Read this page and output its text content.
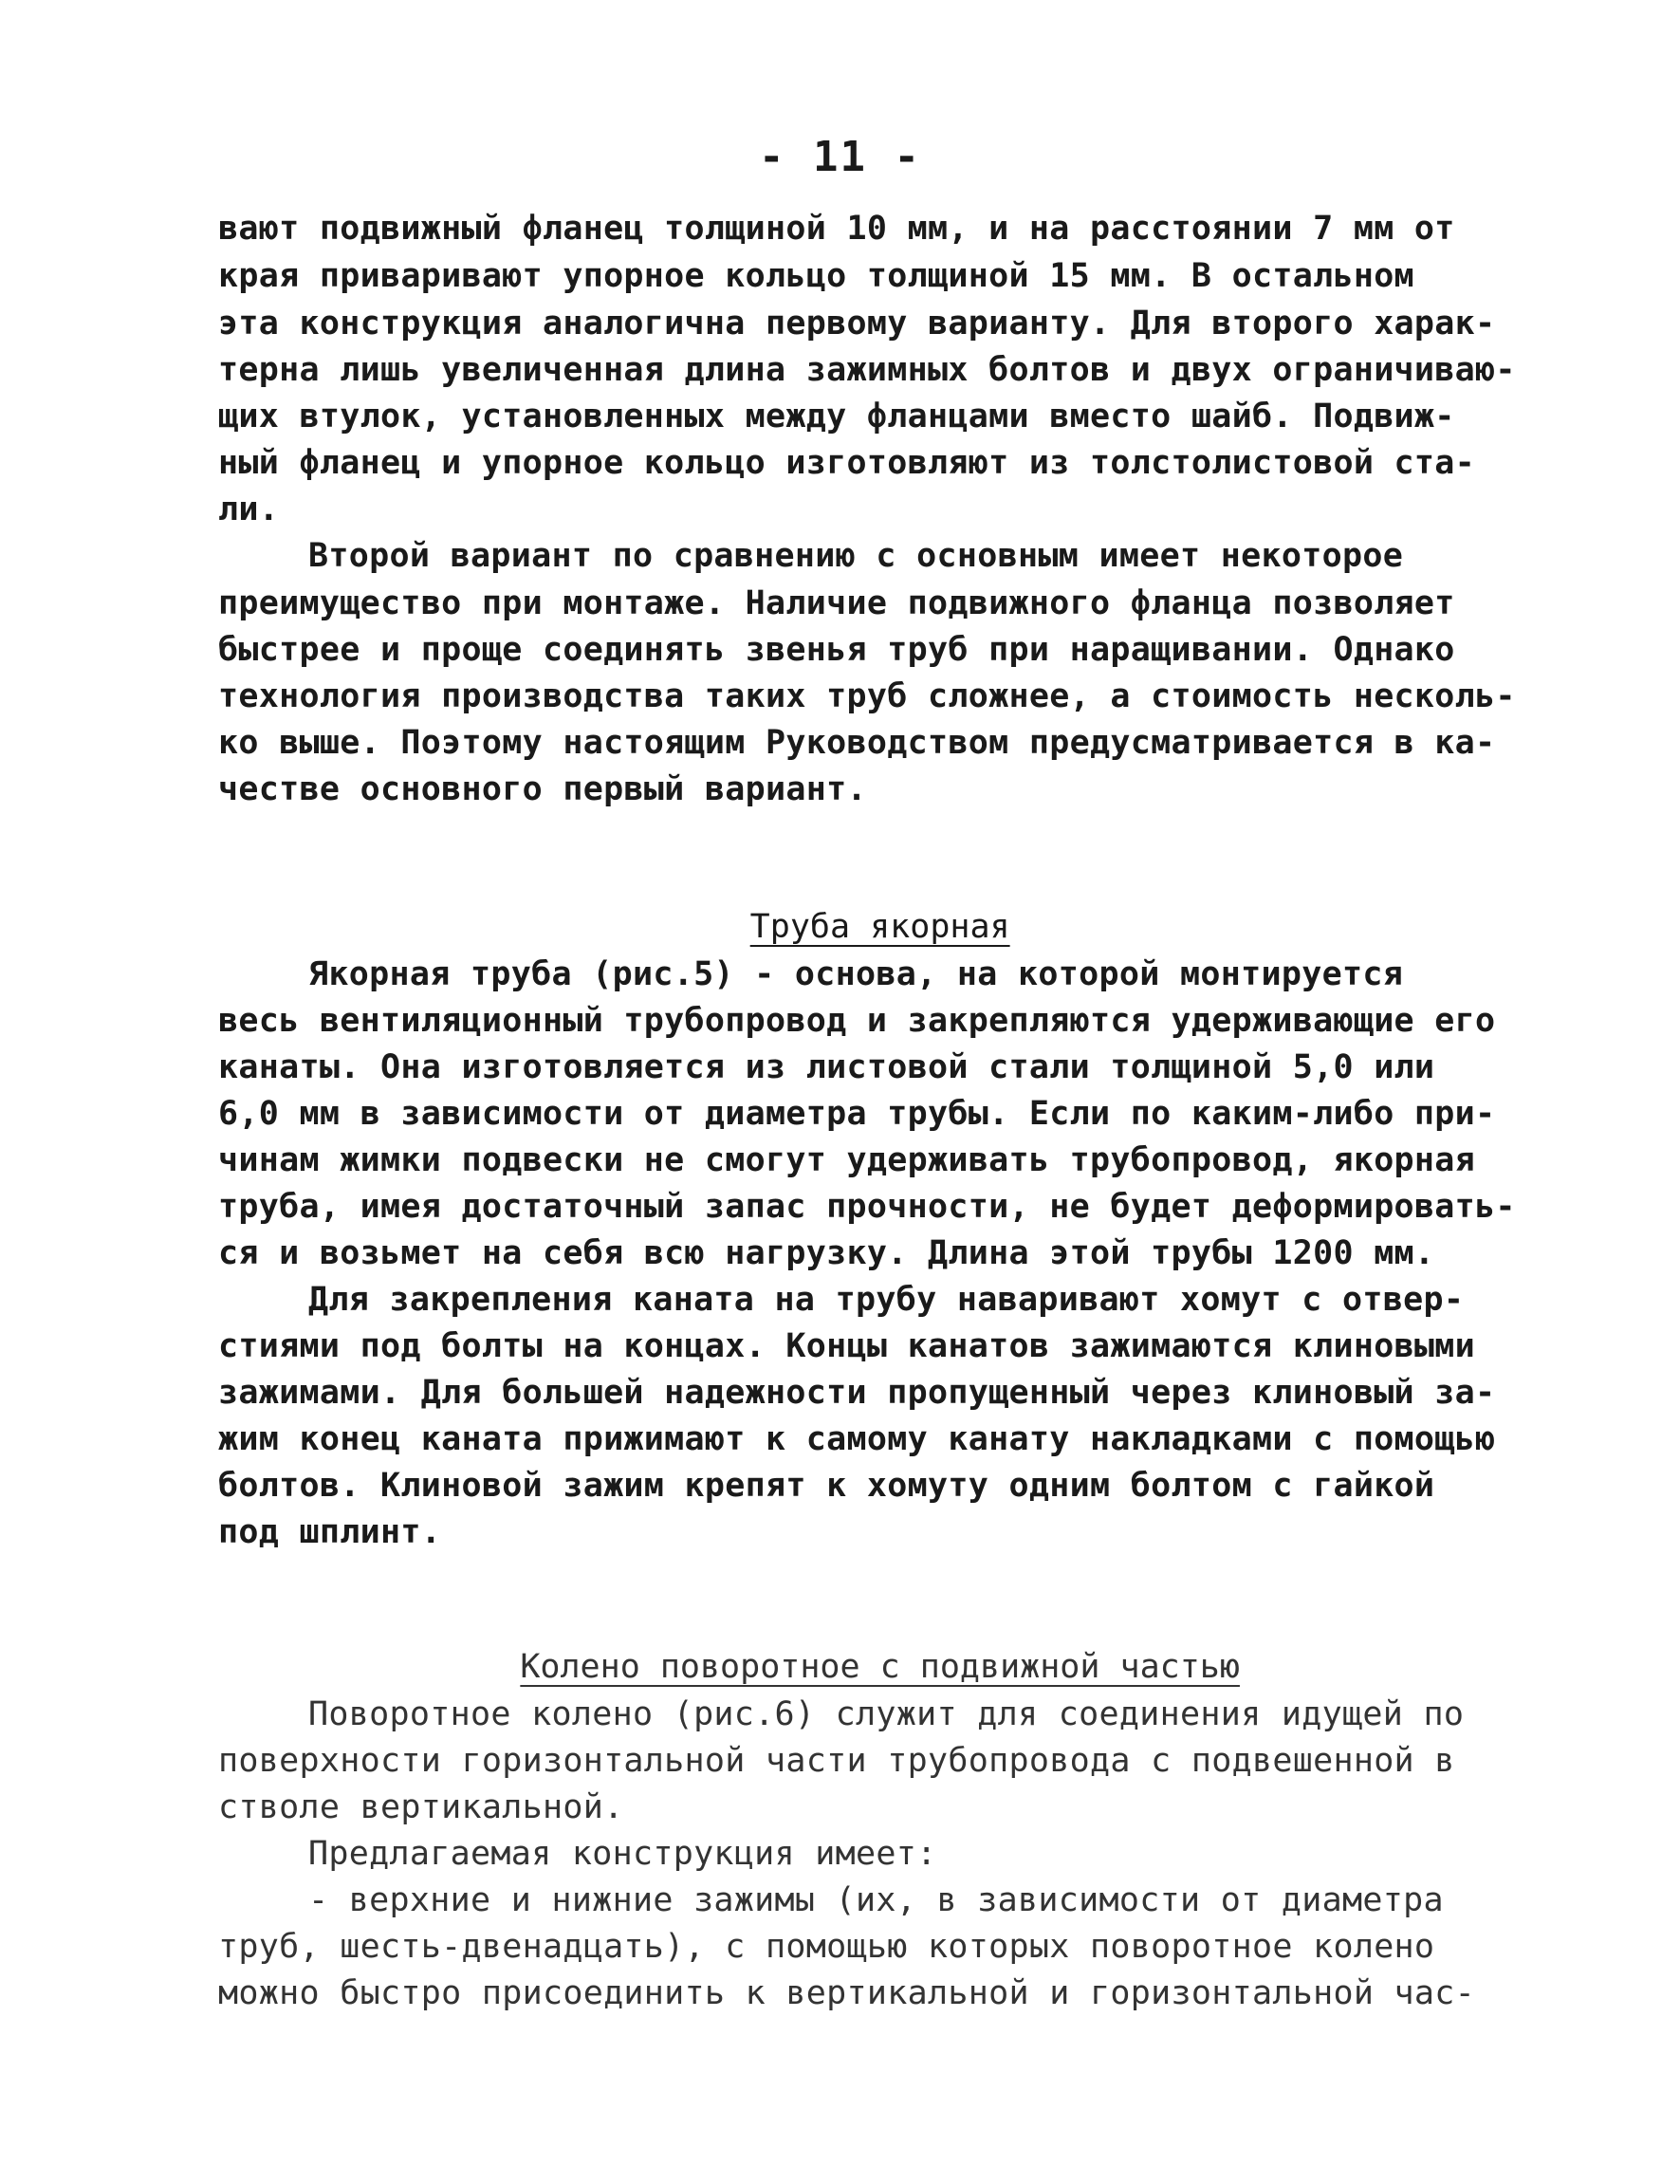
- 11 -
вают подвижный фланец толщиной 10 мм, и на расстоянии 7 мм от
края приваривают упорное кольцо толщиной 15 мм. В остальном
эта конструкция аналогична первому варианту. Для второго харак-
терна лишь увеличенная длина зажимных болтов и двух ограничиваю-
щих втулок, установленных между фланцами вместо шайб. Подвиж-
ный фланец и упорное кольцо изготовляют из толстолистовой ста-
ли.
Второй вариант по сравнению с основным имеет некоторое
преимущество при монтаже. Наличие подвижного фланца позволяет
быстрее и проще соединять звенья труб при наращивании. Однако
технология производства таких труб сложнее, а стоимость несколь-
ко выше. Поэтому настоящим Руководством предусматривается в ка-
честве основного первый вариант.

Труба якорная

Якорная труба (рис.5) - основа, на которой монтируется
весь вентиляционный трубопровод и закрепляются удерживающие его
канаты. Она изготовляется из листовой стали толщиной 5,0 или
6,0 мм в зависимости от диаметра трубы. Если по каким-либо при-
чинам жимки подвески не смогут удерживать трубопровод, якорная
труба, имея достаточный запас прочности, не будет деформировать-
ся и возьмет на себя всю нагрузку. Длина этой трубы 1200 мм.
Для закрепления каната на трубу наваривают хомут с отвер-
стиями под болты на концах. Концы канатов зажимаются клиновыми
зажимами. Для большей надежности пропущенный через клиновый за-
жим конец каната прижимают к самому канату накладками с помощью
болтов. Клиновой зажим крепят к хомуту одним болтом с гайкой
под шплинт.

Колено поворотное с подвижной частью

Поворотное колено (рис.6) служит для соединения идущей по
поверхности горизонтальной части трубопровода с подвешенной в
стволе вертикальной.
Предлагаемая конструкция имеет:
- верхние и нижние зажимы (их, в зависимости от диаметра
труб, шесть-двенадцать), с помощью которых поворотное колено
можно быстро присоединить к вертикальной и горизонтальной час-
